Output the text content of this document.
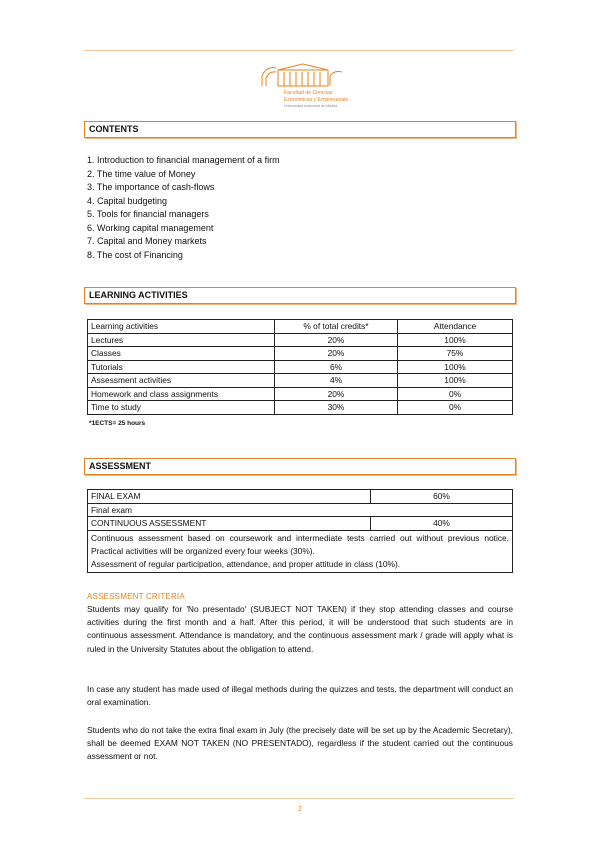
Facultad de Ciencias
Económicas y Empresariales
Universidad Autónoma de Madrid
CONTENTS
1. Introduction to financial management of a firm
2. The time value of Money
3. The importance of cash-flows
4. Capital budgeting
5. Tools for financial managers
6. Working capital management
7. Capital and Money markets
8. The cost of Financing
LEARNING ACTIVITIES
Learning activities	% of total credits*	Attendance
Lectures	20%	100%
Classes	20%	75%
Tutorials	6%	100%
Assessment activities	4%	100%
Homework and class assignments	20%	0%
Time to study	30%	0%
*1ECTS= 25 hours
ASSESSMENT
FINAL EXAM	60%
Final exam	
CONTINUOUS ASSESSMENT	40%

Continuous assessment based on coursework and intermediate tests carried out without previous notice. Practical activities will be organized every four weeks (30%).
Assessment of regular participation, attendance, and proper attitude in class (10%).	
ASSESSMENT CRITERIA

Students may qualify for 'No presentado' (SUBJECT NOT TAKEN) if they stop attending classes and course activities during the first month and a half. After this period, it will be understood that such students are in continuous assessment. Attendance is mandatory, and the continuous assessment mark / grade will apply what is ruled in the University Statutes about the obligation to attend.

In case any student has made used of illegal methods during the quizzes and tests, the department will conduct an oral examination.

Students who do not take the extra final exam in July (the precisely date will be set up by the Academic Secretary), shall be deemed EXAM NOT TAKEN (NO PRESENTADO), regardless if the student carried out the continuous assessment or not.

2
